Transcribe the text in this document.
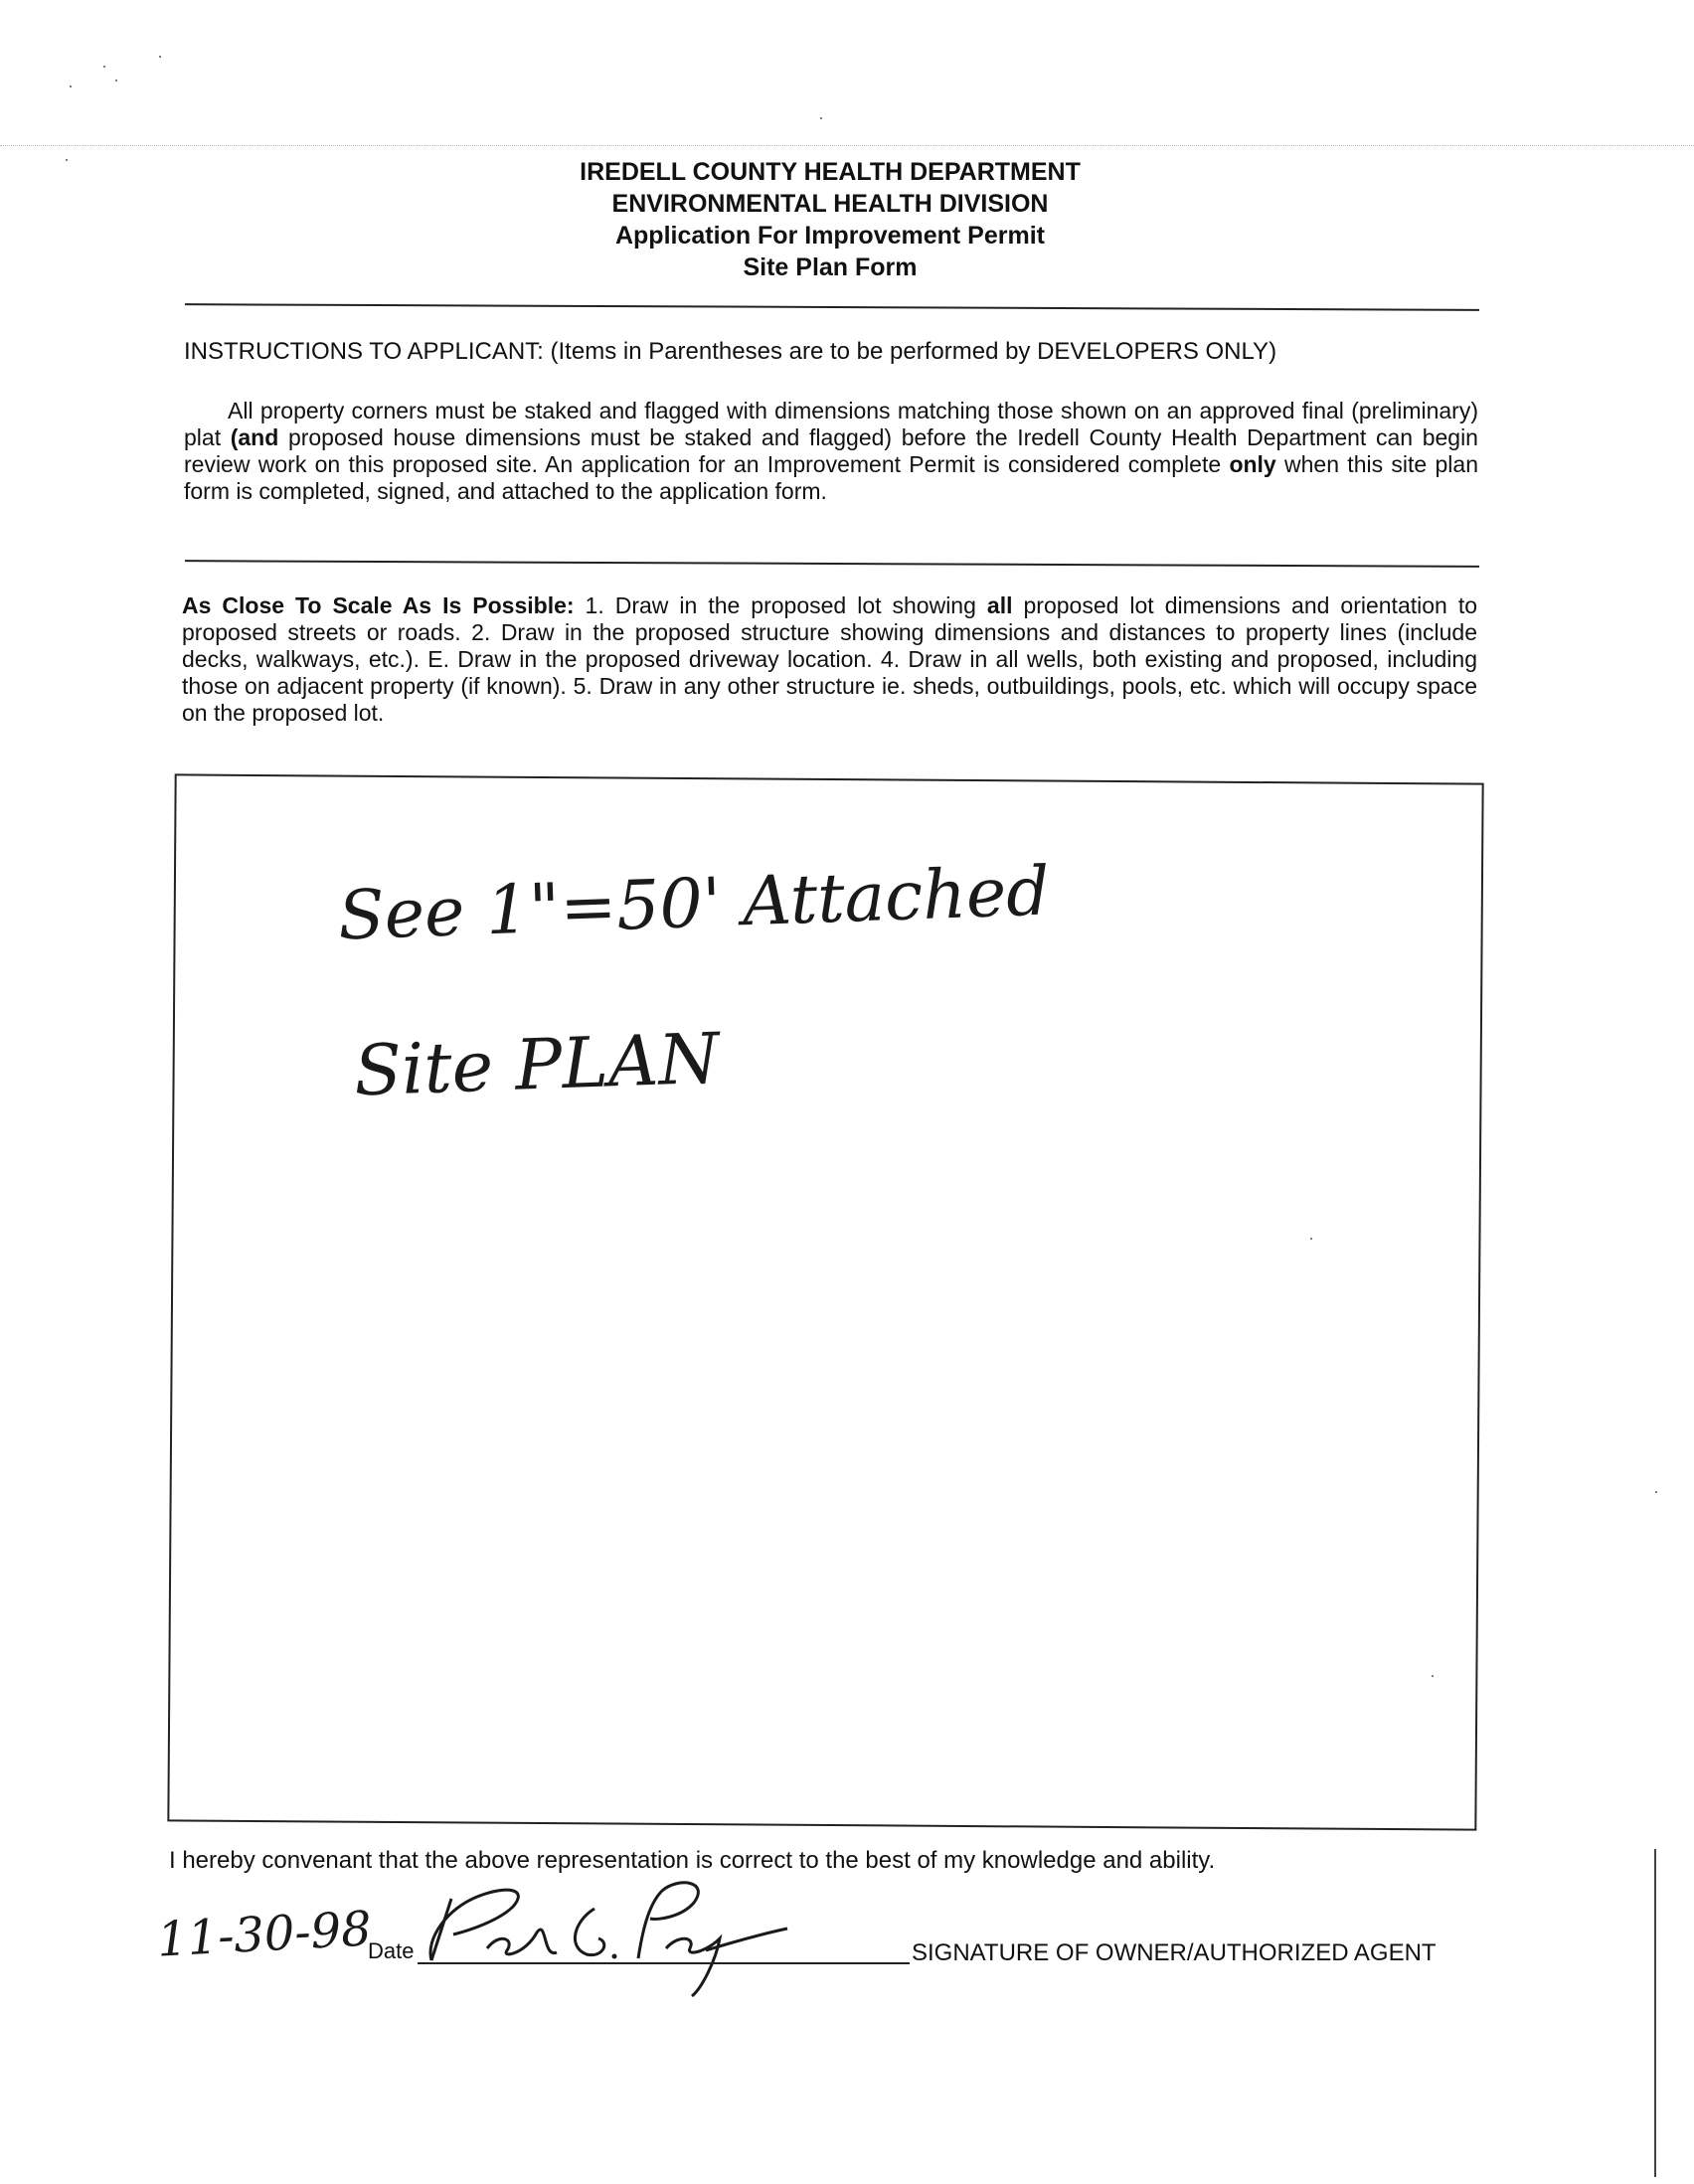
IREDELL COUNTY HEALTH DEPARTMENT
ENVIRONMENTAL HEALTH DIVISION
Application For Improvement Permit
Site Plan Form
INSTRUCTIONS TO APPLICANT: (Items in Parentheses are to be performed by DEVELOPERS ONLY)
All property corners must be staked and flagged with dimensions matching those shown on an approved final (preliminary) plat (and proposed house dimensions must be staked and flagged) before the Iredell County Health Department can begin review work on this proposed site. An application for an Improvement Permit is considered complete only when this site plan form is completed, signed, and attached to the application form.
As Close To Scale As Is Possible: 1. Draw in the proposed lot showing all proposed lot dimensions and orientation to proposed streets or roads. 2. Draw in the proposed structure showing dimensions and distances to property lines (include decks, walkways, etc.). E. Draw in the proposed driveway location. 4. Draw in all wells, both existing and proposed, including those on adjacent property (if known). 5. Draw in any other structure ie. sheds, outbuildings, pools, etc. which will occupy space on the proposed lot.
See 1"=50' Attached
Site PLAN
I hereby convenant that the above representation is correct to the best of my knowledge and ability.
11-30-98
Date	SIGNATURE OF OWNER/AUTHORIZED AGENT
